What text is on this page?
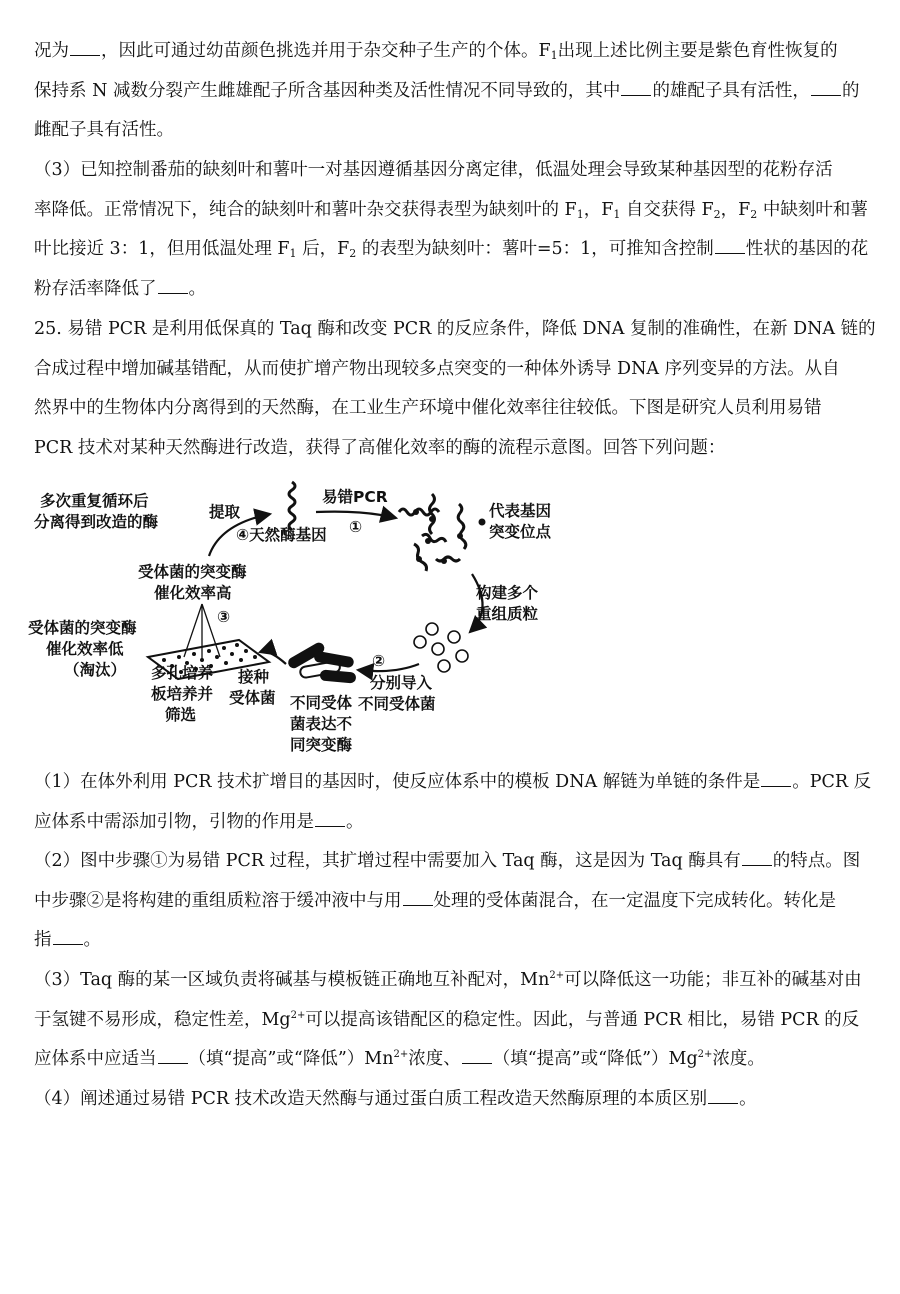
况为 ，因此可通过幼苗颜色挑选并用于杂交种子生产的个体。$F_1$出现上述比例主要是紫色育性恢复的
保持系 N 减数分裂产生雌雄配子所含基因种类及活性情况不同导致的，其中 的雄配子具有活性， 的
雌配子具有活性。
（3）已知控制番茄的缺刻叶和薯叶一对基因遵循基因分离定律，低温处理会导致某种基因型的花粉存活
率降低。正常情况下，纯合的缺刻叶和薯叶杂交获得表型为缺刻叶的 $F_1$，$F_1$ 自交获得 $F_2$，$F_2$ 中缺刻叶和薯
叶比接近 3：1，但用低温处理 $F_1$ 后，$F_2$ 的表型为缺刻叶：薯叶=5：1，可推知含控制 性状的基因的花
粉存活率降低了 。
25. 易错 PCR 是利用低保真的 Taq 酶和改变 PCR 的反应条件，降低 DNA 复制的准确性，在新 DNA 链的
合成过程中增加碱基错配，从而使扩增产物出现较多点突变的一种体外诱导 DNA 序列变异的方法。从自
然界中的生物体内分离得到的天然酶，在工业生产环境中催化效率往往较低。下图是研究人员利用易错
PCR 技术对某种天然酶进行改造，获得了高催化效率的酶的流程示意图。回答下列问题：
多次重复循环后
分离得到改造的酶
提取
④天然酶基因
易错PCR
①
代表基因
突变位点
受体菌的突变酶
催化效率高
③
受体菌的突变酶
催化效率低
（淘汰）
构建多个
重组质粒
多孔培养
板培养并
筛选
接种
受体菌
②
不同受体
菌表达不
同突变酶
分别导入
不同受体菌
（1）在体外利用 PCR 技术扩增目的基因时，使反应体系中的模板 DNA 解链为单链的条件是 。PCR 反
应体系中需添加引物，引物的作用是 。
（2）图中步骤①为易错 PCR 过程，其扩增过程中需要加入 Taq 酶，这是因为 Taq 酶具有 的特点。图
中步骤②是将构建的重组质粒溶于缓冲液中与用 处理的受体菌混合，在一定温度下完成转化。转化是
指 。
（3）Taq 酶的某一区域负责将碱基与模板链正确地互补配对，$Mn^{2+}$可以降低这一功能；非互补的碱基对由
于氢键不易形成，稳定性差，$Mg^{2+}$可以提高该错配区的稳定性。因此，与普通 PCR 相比，易错 PCR 的反
应体系中应适当 （填“提高”或“降低$”)Mn^{2+}$浓度、 （填“提高”或“降低$”)Mg^{2+}$浓度。
（4）阐述通过易错 PCR 技术改造天然酶与通过蛋白质工程改造天然酶原理的本质区别 。
